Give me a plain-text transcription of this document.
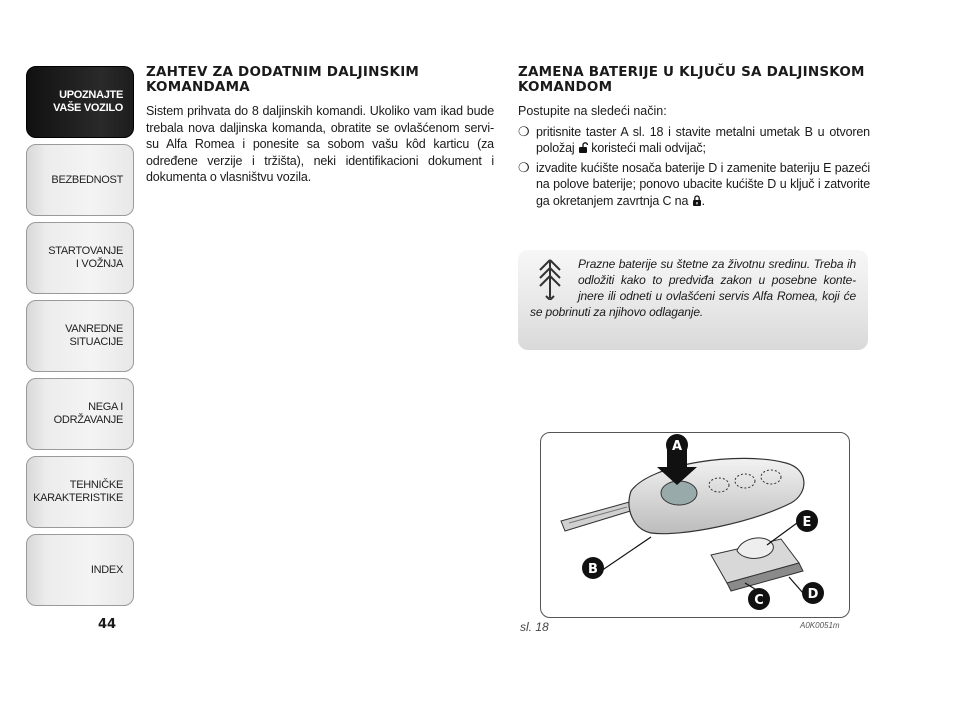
UPOZNAJTE
VAŠE VOZILO
BEZBEDNOST
STARTOVANJE
I VOŽNJA
VANREDNE
SITUACIJE
NEGA I
ODRŽAVANJE
TEHNIČKE
KARAKTERISTIKE
INDEX
44
ZAHTEV ZA DODATNIM DALJINSKIM KOMANDAMA

Sistem prihvata do 8 daljinskih komandi. Ukoliko vam ikad bude trebala nova daljinska komanda, obratite se ovlašćenom servi-su Alfa Romea i ponesite sa sobom vašu kôd karticu (za određene verzije i tržišta), neki identifikacioni dokument i dokumenta o vlasništvu vozila.

ZAMENA BATERIJE U KLJUČU SA DALJINSKOM KOMANDOM
Postupite na sledeći način:
❍ pritisnite taster A sl. 18 i stavite metalni umetak B u otvoren položaj koristeći mali odvijač;
❍ izvadite kućište nosača baterije D i zamenite bateriju E pazeći na polove baterije; ponovo ubacite kućište D u ključ i zatvorite ga okretanjem zavrtnja C na .
Prazne baterije su štetne za životnu sredinu. Treba ih odložiti kako to predviđa zakon u posebne konte-jnere ili odneti u ovlašćeni servis Alfa Romea, koji će se pobrinuti za njihovo odlaganje.
A
B
C	D
E
sl. 18	A0K0051m
